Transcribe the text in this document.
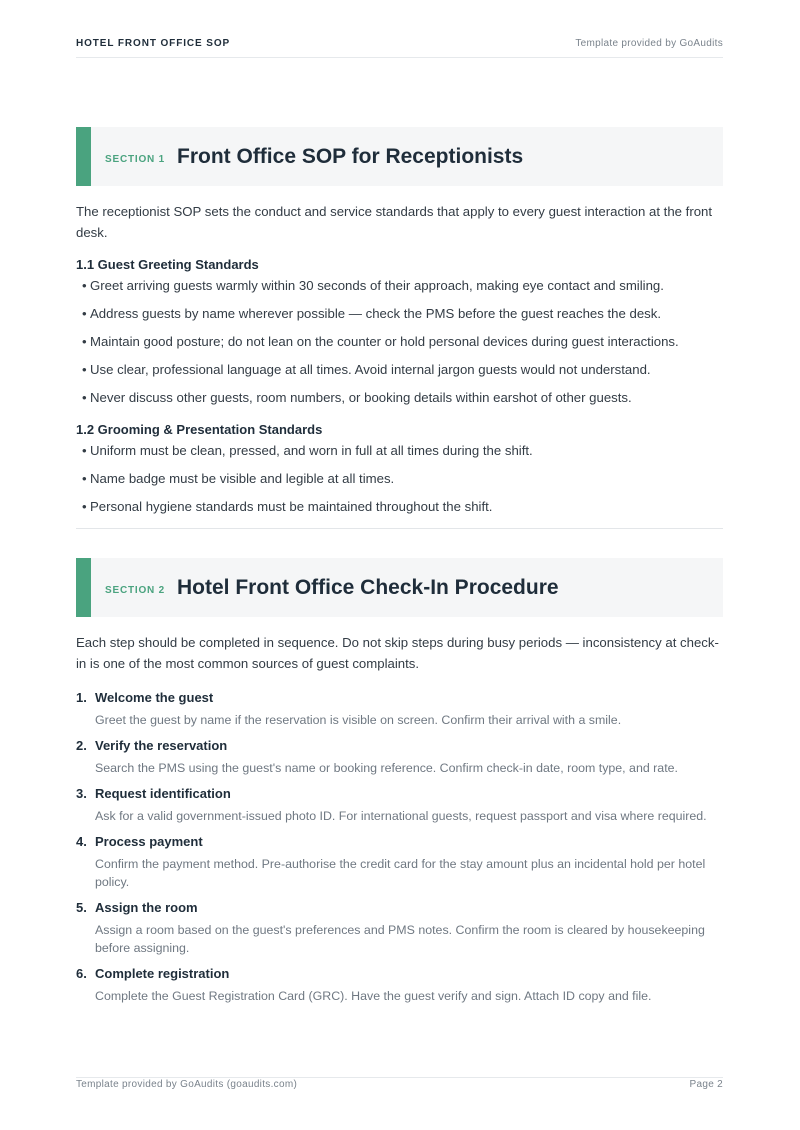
HOTEL FRONT OFFICE SOP	Template provided by GoAudits
SECTION 1 Front Office SOP for Receptionists
The receptionist SOP sets the conduct and service standards that apply to every guest interaction at the front desk.
1.1 Guest Greeting Standards
• Greet arriving guests warmly within 30 seconds of their approach, making eye contact and smiling.
• Address guests by name wherever possible — check the PMS before the guest reaches the desk.
• Maintain good posture; do not lean on the counter or hold personal devices during guest interactions.
• Use clear, professional language at all times. Avoid internal jargon guests would not understand.
• Never discuss other guests, room numbers, or booking details within earshot of other guests.
1.2 Grooming & Presentation Standards
• Uniform must be clean, pressed, and worn in full at all times during the shift.
• Name badge must be visible and legible at all times.
• Personal hygiene standards must be maintained throughout the shift.
SECTION 2 Hotel Front Office Check-In Procedure
Each step should be completed in sequence. Do not skip steps during busy periods — inconsistency at check-in is one of the most common sources of guest complaints.
1. Welcome the guest
Greet the guest by name if the reservation is visible on screen. Confirm their arrival with a smile.
2. Verify the reservation
Search the PMS using the guest's name or booking reference. Confirm check-in date, room type, and rate.
3. Request identification
Ask for a valid government-issued photo ID. For international guests, request passport and visa where required.
4. Process payment
Confirm the payment method. Pre-authorise the credit card for the stay amount plus an incidental hold per hotel policy.
5. Assign the room
Assign a room based on the guest's preferences and PMS notes. Confirm the room is cleared by housekeeping before assigning.
6. Complete registration
Complete the Guest Registration Card (GRC). Have the guest verify and sign. Attach ID copy and file.
Template provided by GoAudits (goaudits.com)	Page 2
